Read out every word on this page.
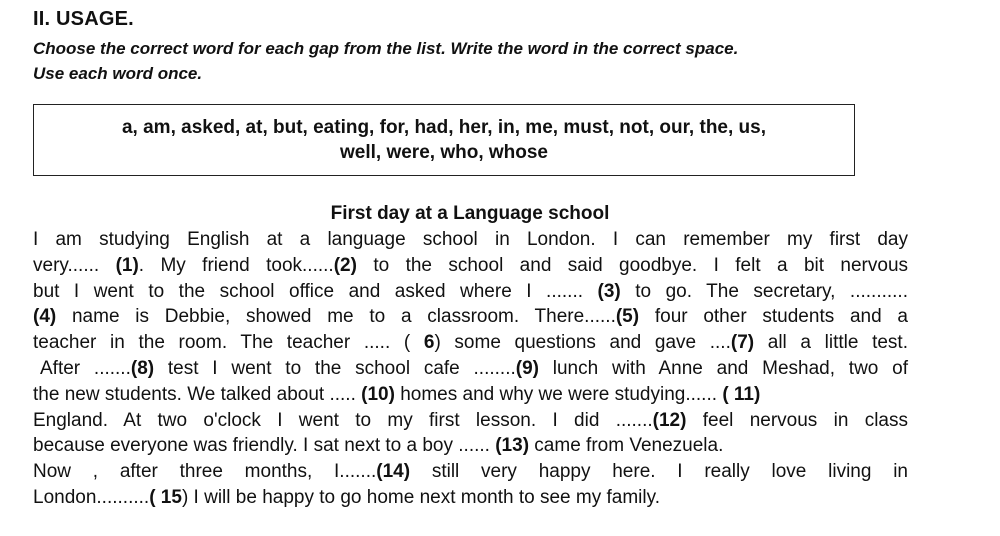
II. USAGE.
Choose the correct word for each gap from the list. Write the word in the correct space.
Use each word once.
a, am, asked, at, but, eating, for, had, her, in, me, must, not, our, the, us,
well, were, who, whose
First day at a Language school
I am studying English at a language school in London. I can remember my first day
very...... (1). My friend took......(2) to the school and said goodbye. I felt a bit nervous
but I went to the school office and asked where I ....... (3) to go. The secretary, ...........
(4) name is Debbie, showed me to a classroom. There......(5) four other students and a
teacher in the room. The teacher ..... ( 6) some questions and gave ....(7) all a little test.
After .......(8) test I went to the school cafe ........(9) lunch with Anne and Meshad, two of
the new students. We talked about ..... (10) homes and why we were studying...... ( 11)
England. At two o'clock I went to my first lesson. I did .......(12) feel nervous in class
because everyone was friendly. I sat next to a boy ...... (13) came from Venezuela.
Now , after three months, I.......(14) still very happy here. I really love living in
London..........( 15) I will be happy to go home next month to see my family.
